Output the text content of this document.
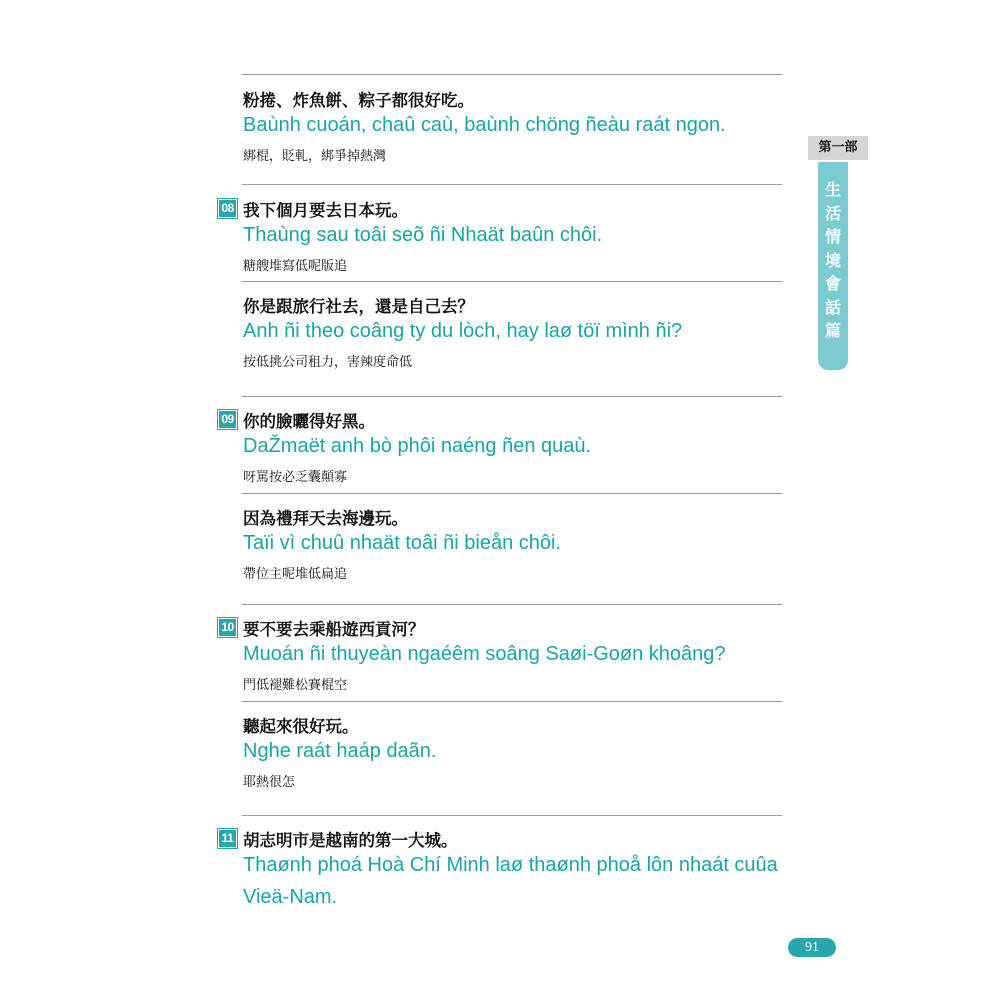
粉捲、炸魚餅、粽子都很好吃。
Baùnh cuoán, chaû caù, baùnh chöng ñeàu raát ngon.
綁棍，貶軋，綁爭掉熱灣
08 我下個月要去日本玩。
Thaùng sau toâi seõ ñi Nhaät baûn chôi.
糖艘堆寫低呢版追
你是跟旅行社去，還是自己去？
Anh ñi theo coâng ty du lòch, hay laø töï mình ñi?
按低挑公司租力，害辣度命低
09 你的臉曬得好黑。
DaŽmaët anh bò phôi naéng ñen quaù.
呀罵按必乏囊顛寡
因為禮拜天去海邊玩。
Taïi vì chuû nhaät toâi ñi bieån chôi.
帶位主呢堆低扁追
10 要不要去乘船遊西貢河？
Muoán ñi thuyeàn ngaéêm soâng Saøi-Goøn khoâng?
門低褪難松賽棍空
聽起來很好玩。
Nghe raát haáp daãn.
耶熱很怎
11 胡志明市是越南的第一大城。
Thaønh phoá Hoà Chí Minh laø thaønh phoå lôn nhaát cuûa Vieä-Nam.
第一部
生
活
情
境
會
話
篇
91
